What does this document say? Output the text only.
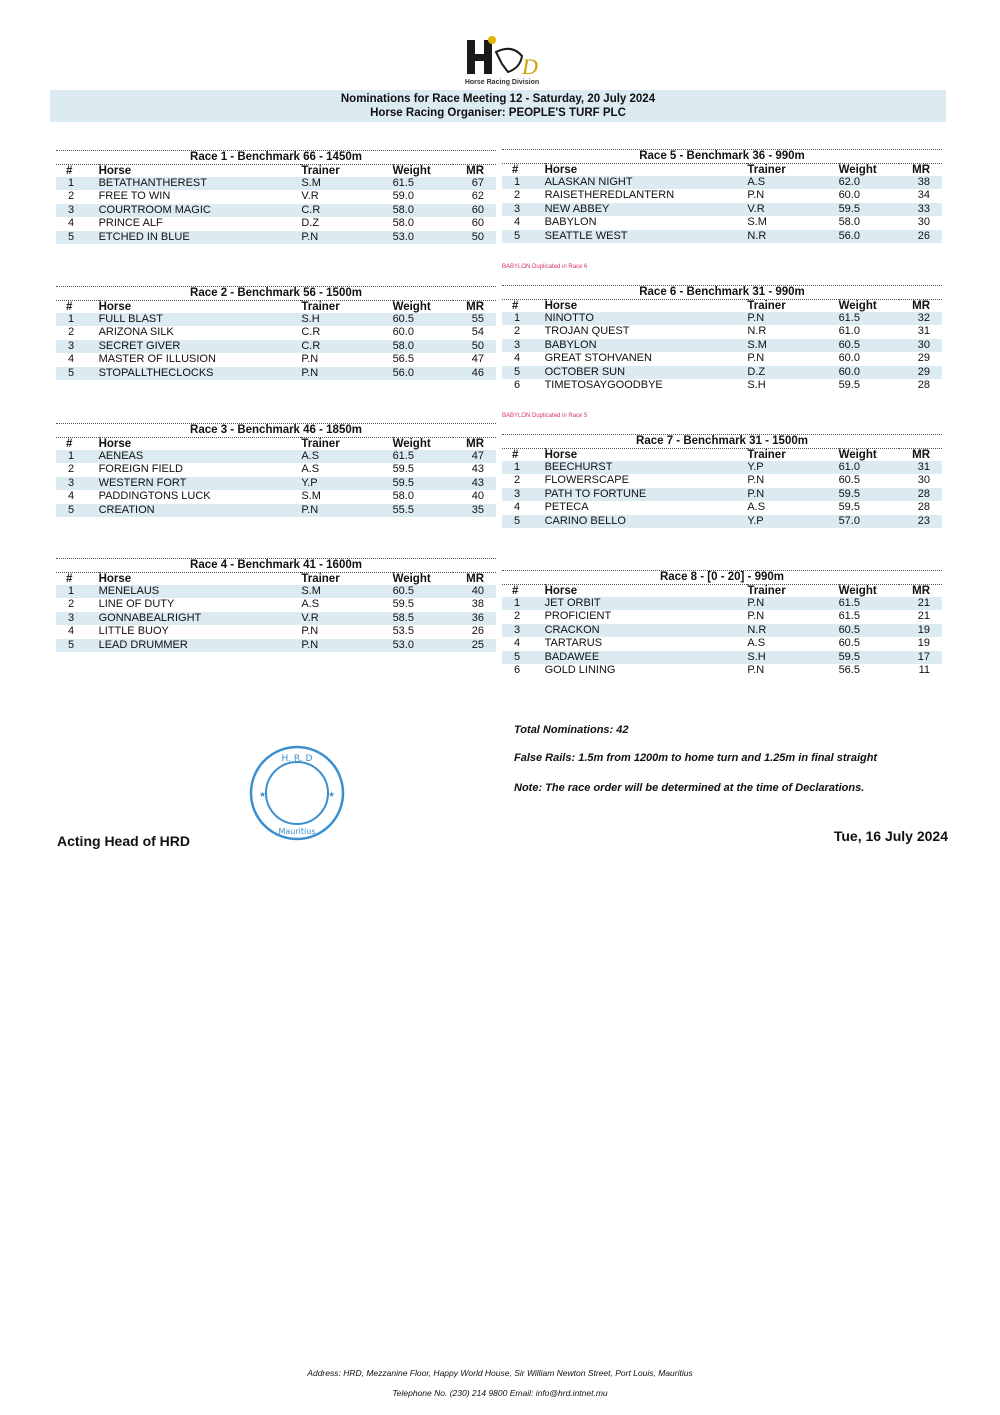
D
Horse Racing Division
Nominations for Race Meeting 12 - Saturday, 20 July 2024
Horse Racing Organiser: PEOPLE'S TURF PLC
Race 1 - Benchmark 66 - 1450m
#	Horse	Trainer	Weight	MR
1	BETATHANTHEREST	S.M	61.5	67
2	FREE TO WIN	V.R	59.0	62
3	COURTROOM MAGIC	C.R	58.0	60
4	PRINCE ALF	D.Z	58.0	60
5	ETCHED IN BLUE	P.N	53.0	50
Race 2 - Benchmark 56 - 1500m
#	Horse	Trainer	Weight	MR
1	FULL BLAST	S.H	60.5	55
2	ARIZONA SILK	C.R	60.0	54
3	SECRET GIVER	C.R	58.0	50
4	MASTER OF ILLUSION	P.N	56.5	47
5	STOPALLTHECLOCKS	P.N	56.0	46
Race 3 - Benchmark 46 - 1850m
#	Horse	Trainer	Weight	MR
1	AENEAS	A.S	61.5	47
2	FOREIGN FIELD	A.S	59.5	43
3	WESTERN FORT	Y.P	59.5	43
4	PADDINGTONS LUCK	S.M	58.0	40
5	CREATION	P.N	55.5	35
Race 4 - Benchmark 41 - 1600m
#	Horse	Trainer	Weight	MR
1	MENELAUS	S.M	60.5	40
2	LINE OF DUTY	A.S	59.5	38
3	GONNABEALRIGHT	V.R	58.5	36
4	LITTLE BUOY	P.N	53.5	26
5	LEAD DRUMMER	P.N	53.0	25
Race 5 - Benchmark 36 - 990m
#	Horse	Trainer	Weight	MR
1	ALASKAN NIGHT	A.S	62.0	38
2	RAISETHEREDLANTERN	P.N	60.0	34
3	NEW ABBEY	V.R	59.5	33
4	BABYLON	S.M	58.0	30
5	SEATTLE WEST	N.R	56.0	26
Race 6 - Benchmark 31 - 990m
#	Horse	Trainer	Weight	MR
1	NINOTTO	P.N	61.5	32
2	TROJAN QUEST	N.R	61.0	31
3	BABYLON	S.M	60.5	30
4	GREAT STOHVANEN	P.N	60.0	29
5	OCTOBER SUN	D.Z	60.0	29
6	TIMETOSAYGOODBYE	S.H	59.5	28
Race 7 - Benchmark 31 - 1500m
#	Horse	Trainer	Weight	MR
1	BEECHURST	Y.P	61.0	31
2	FLOWERSCAPE	P.N	60.5	30
3	PATH TO FORTUNE	P.N	59.5	28
4	PETECA	A.S	59.5	28
5	CARINO BELLO	Y.P	57.0	23
Race 8 - [0 - 20] - 990m
#	Horse	Trainer	Weight	MR
1	JET ORBIT	P.N	61.5	21
2	PROFICIENT	P.N	61.5	21
3	CRACKON	N.R	60.5	19
4	TARTARUS	A.S	60.5	19
5	BADAWEE	S.H	59.5	17
6	GOLD LINING	P.N	56.5	11
BABYLON Duplicated in Race 6
BABYLON Duplicated in Race 5
Total Nominations: 42
False Rails: 1.5m from 1200m to home turn and 1.25m in final straight
Note: The race order will be determined at the time of Declarations.
H. R. D
Mauritius
★	★
Acting Head of HRD	Tue, 16 July 2024
Address: HRD, Mezzanine Floor, Happy World House, Sir William Newton Street, Port Louis, Mauritius
Telephone No. (230) 214 9800 Email: info@hrd.intnet.mu
